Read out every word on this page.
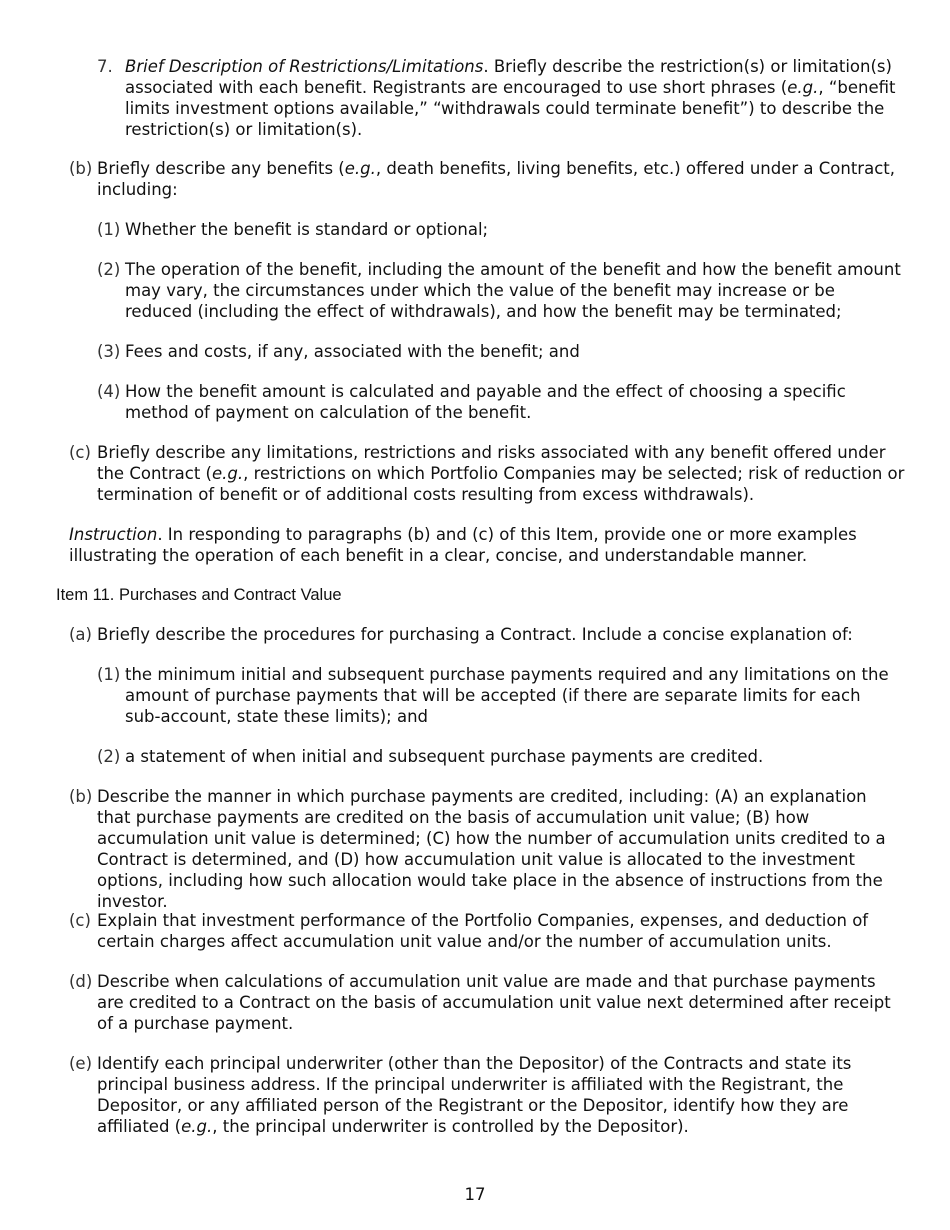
7. Brief Description of Restrictions/Limitations. Briefly describe the restriction(s) or limitation(s) associated with each benefit. Registrants are encouraged to use short phrases (e.g., “benefit limits investment options available,” “withdrawals could terminate benefit”) to describe the restriction(s) or limitation(s).

(b) Briefly describe any benefits (e.g., death benefits, living benefits, etc.) offered under a Contract, including:

(1) Whether the benefit is standard or optional;

(2) The operation of the benefit, including the amount of the benefit and how the benefit amount may vary, the circumstances under which the value of the benefit may increase or be reduced (including the effect of withdrawals), and how the benefit may be terminated;

(3) Fees and costs, if any, associated with the benefit; and

(4) How the benefit amount is calculated and payable and the effect of choosing a specific method of payment on calculation of the benefit.

(c) Briefly describe any limitations, restrictions and risks associated with any benefit offered under the Contract (e.g., restrictions on which Portfolio Companies may be selected; risk of reduction or termination of benefit or of additional costs resulting from excess withdrawals).

Instruction. In responding to paragraphs (b) and (c) of this Item, provide one or more examples illustrating the operation of each benefit in a clear, concise, and understandable manner.

Item 11. Purchases and Contract Value
(a) Briefly describe the procedures for purchasing a Contract. Include a concise explanation of:

(1) the minimum initial and subsequent purchase payments required and any limitations on the amount of purchase payments that will be accepted (if there are separate limits for each sub-account, state these limits); and

(2) a statement of when initial and subsequent purchase payments are credited.

(b) Describe the manner in which purchase payments are credited, including: (A) an explanation that purchase payments are credited on the basis of accumulation unit value; (B) how accumulation unit value is determined; (C) how the number of accumulation units credited to a Contract is determined, and (D) how accumulation unit value is allocated to the investment options, including how such allocation would take place in the absence of instructions from the investor.

(c) Explain that investment performance of the Portfolio Companies, expenses, and deduction of certain charges affect accumulation unit value and/or the number of accumulation units.

(d) Describe when calculations of accumulation unit value are made and that purchase payments are credited to a Contract on the basis of accumulation unit value next determined after receipt of a purchase payment.

(e) Identify each principal underwriter (other than the Depositor) of the Contracts and state its principal business address. If the principal underwriter is affiliated with the Registrant, the Depositor, or any affiliated person of the Registrant or the Depositor, identify how they are affiliated (e.g., the principal underwriter is controlled by the Depositor).

17
